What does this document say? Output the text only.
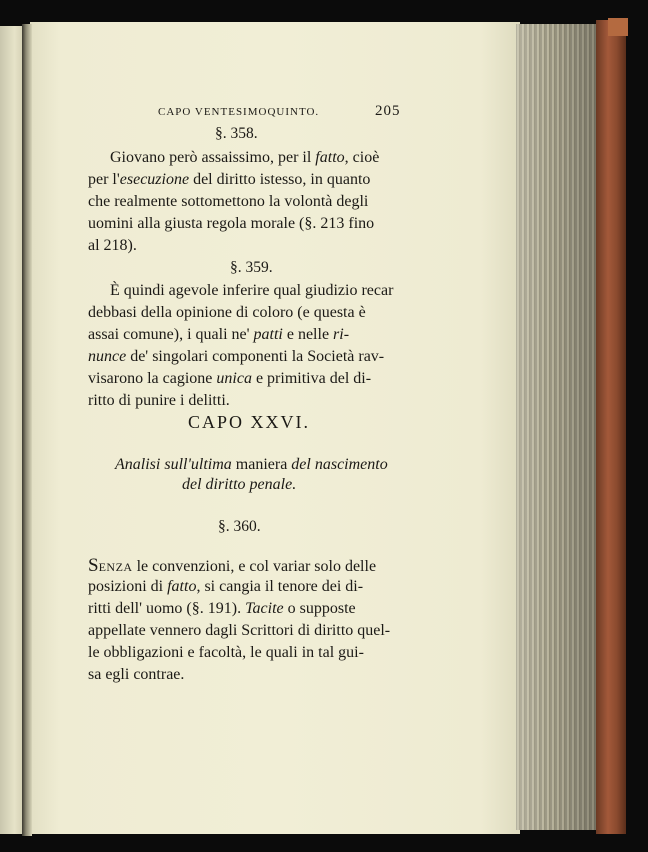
CAPO VENTESIMOQUINTO.	205
§. 358.
Giovano però assaissimo, per il fatto, cioè
per l'esecuzione del diritto istesso, in quanto
che realmente sottomettono la volontà degli
uomini alla giusta regola morale (§. 213 fino
al 218).
§. 359.
È quindi agevole inferire qual giudizio recar
debbasi della opinione di coloro (e questa è
assai comune), i quali ne' patti e nelle ri-
nunce de' singolari componenti la Società rav-
visarono la cagione unica e primitiva del di-
ritto di punire i delitti.
CAPO XXVI.
Analisi sull'ultima maniera del nascimento
del diritto penale.
§. 360.
SENZA le convenzioni, e col variar solo delle
posizioni di fatto, si cangia il tenore dei di-
ritti dell' uomo (§. 191). Tacite o supposte
appellate vennero dagli Scrittori di diritto quel-
le obbligazioni e facoltà, le quali in tal gui-
sa egli contrae.
